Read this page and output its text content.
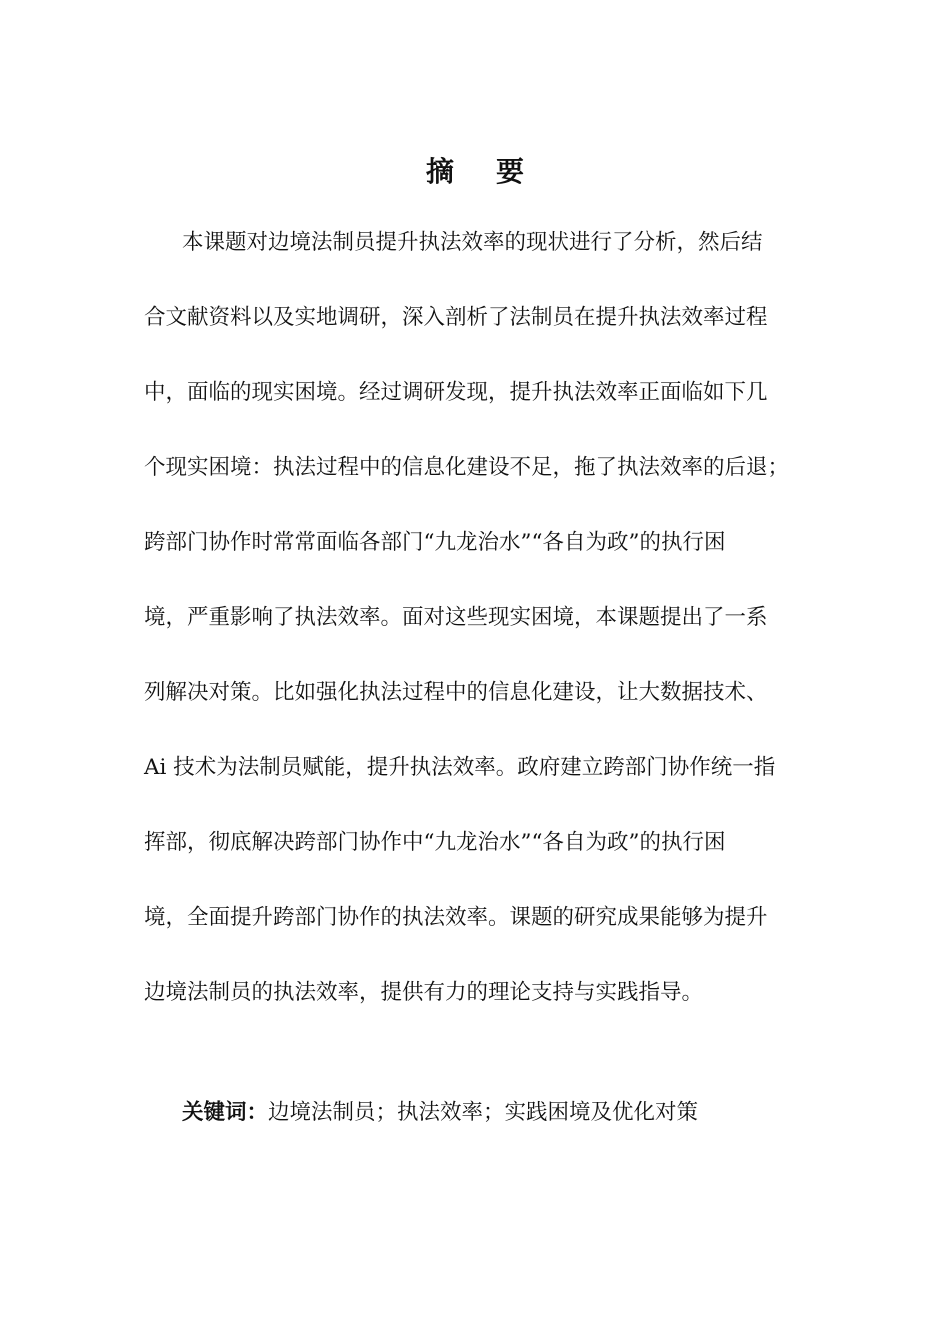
摘 要
本课题对边境法制员提升执法效率的现状进行了分析，然后结
合文献资料以及实地调研，深入剖析了法制员在提升执法效率过程
中，面临的现实困境。经过调研发现，提升执法效率正面临如下几
个现实困境：执法过程中的信息化建设不足，拖了执法效率的后退；
跨部门协作时常常面临各部门“九龙治水”“各自为政”的执行困
境，严重影响了执法效率。面对这些现实困境，本课题提出了一系
列解决对策。比如强化执法过程中的信息化建设，让大数据技术、
Ai 技术为法制员赋能，提升执法效率。政府建立跨部门协作统一指
挥部，彻底解决跨部门协作中“九龙治水”“各自为政”的执行困
境，全面提升跨部门协作的执法效率。课题的研究成果能够为提升
边境法制员的执法效率，提供有力的理论支持与实践指导。
关键词：边境法制员；执法效率；实践困境及优化对策
